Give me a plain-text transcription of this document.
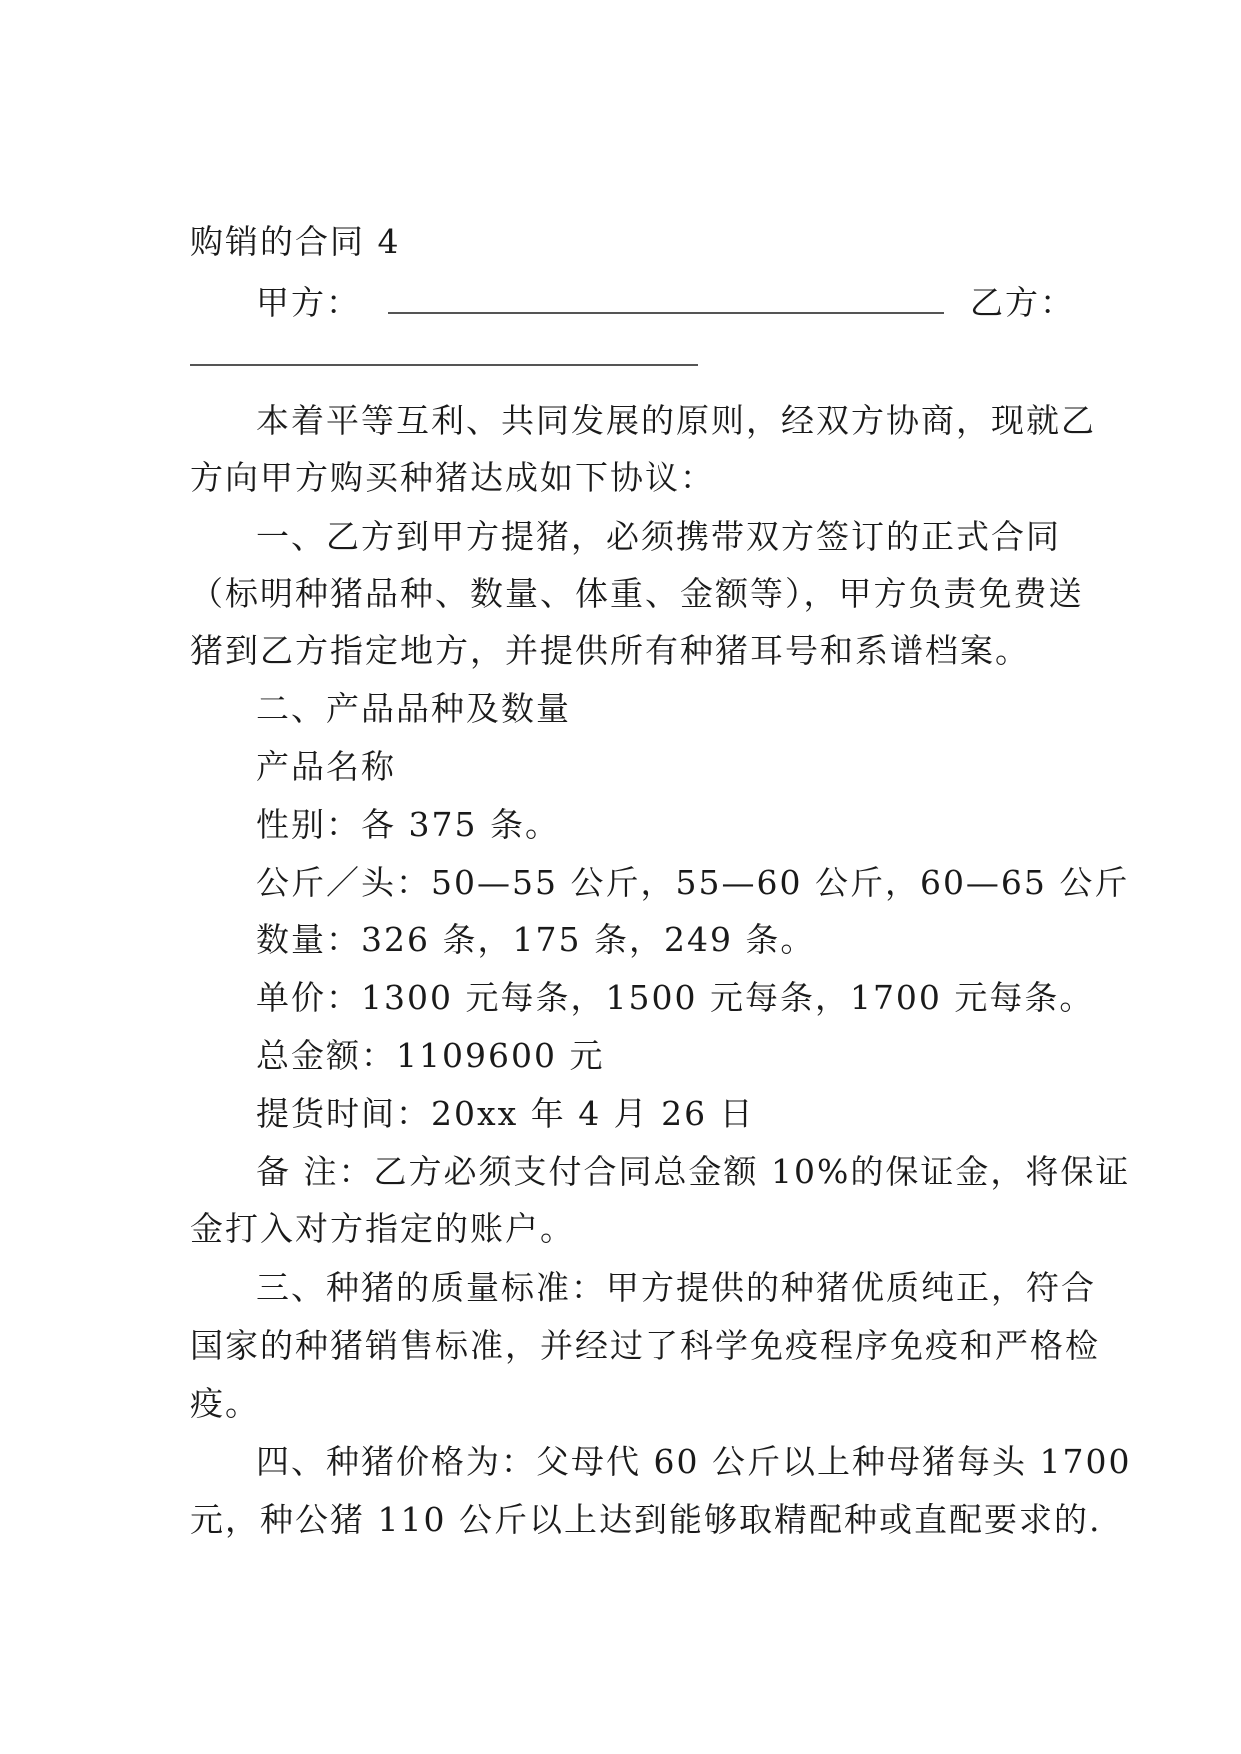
购销的合同 4
甲方：	乙方：
本着平等互利、共同发展的原则，经双方协商，现就乙
方向甲方购买种猪达成如下协议：
一、乙方到甲方提猪，必须携带双方签订的正式合同
（标明种猪品种、数量、体重、金额等），甲方负责免费送
猪到乙方指定地方，并提供所有种猪耳号和系谱档案。
二、产品品种及数量
产品名称
性别：各 375 条。
公斤／头：50—55 公斤，55—60 公斤，60—65 公斤
数量：326 条，175 条，249 条。
单价：1300 元每条，1500 元每条，1700 元每条。
总金额：1109600 元
提货时间：20xx 年 4 月 26 日
备 注：乙方必须支付合同总金额 10%的保证金，将保证
金打入对方指定的账户。
三、种猪的质量标准：甲方提供的种猪优质纯正，符合
国家的种猪销售标准，并经过了科学免疫程序免疫和严格检
疫。
四、种猪价格为：父母代 60 公斤以上种母猪每头 1700
元，种公猪 110 公斤以上达到能够取精配种或直配要求的.
